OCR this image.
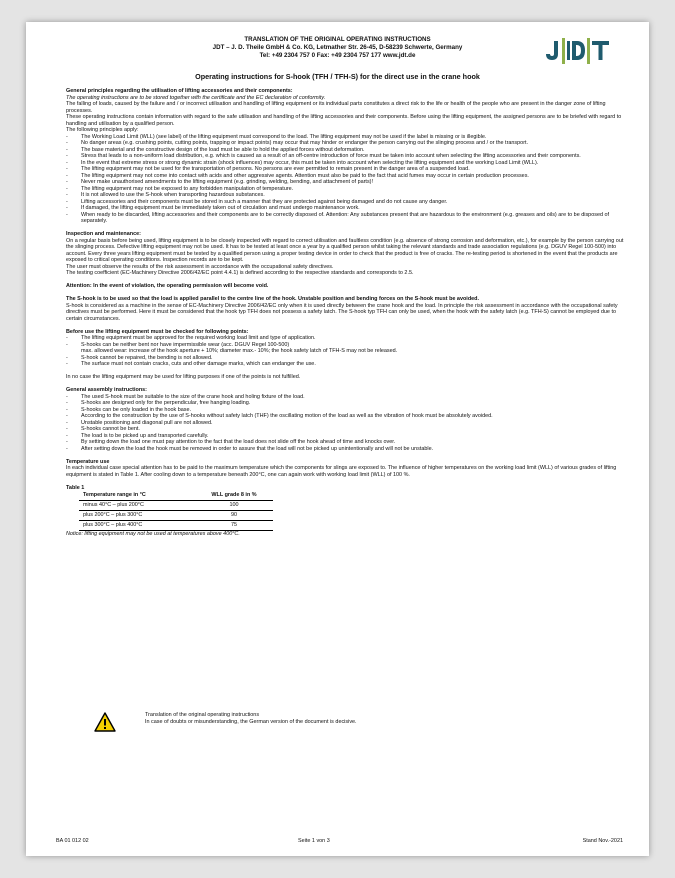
TRANSLATION OF THE ORIGINAL OPERATING INSTRUCTIONS
JDT – J. D. Theile GmbH & Co. KG, Letmather Str. 26-45, D-58239 Schwerte, Germany
Tel: +49 2304 757 0 Fax: +49 2304 757 177 www.jdt.de
Operating instructions for S-hook (TFH / TFH-S) for the direct use in the crane hook

General principles regarding the utilisation of lifting accessories and their components:

The operating instructions are to be stored together with the certificate and the EC declaration of conformity.

The falling of loads, caused by the failure and / or incorrect utilisation and handling of lifting equipment or its individual parts constitutes a direct risk to the life or health of the people who are present in the danger zone of lifting processes.

These operating instructions contain information with regard to the safe utilisation and handling of the lifting accessories and their components. Before using the lifting equipment, the assigned persons are to be briefed with regard to handling and utilisation by a qualified person.

The following principles apply:

- The Working Load Limit (WLL) (see label) of the lifting equipment must correspond to the load. The lifting equipment may not be used if the label is missing or is illegible.
- No danger areas (e.g. crushing points, cutting points, trapping or impact points) may occur that may hinder or endanger the person carrying out the slinging process and / or the transport.
- The base material and the constructive design of the load must be able to hold the applied forces without deformation.
- Stress that leads to a non-uniform load distribution, e.g. which is caused as a result of an off-centre introduction of force must be taken into account when selecting the lifting accessories and their components.
- In the event that extreme stress or strong dynamic strain (shock influences) may occur, this must be taken into account when selecting the lifting equipment and the working Load Limit (WLL).
- The lifting equipment may not be used for the transportation of persons. No persons are ever permitted to remain present in the danger area of a suspended load.
- The lifting equipment may not come into contact with acids and other aggressive agents. Attention must also be paid to the fact that acid fumes may occur in certain production processes.
- Never make unauthorised amendments to the lifting equipment (e.g. grinding, welding, bending, and attachment of parts)!
- The lifting equipment may not be exposed to any forbidden manipulation of temperature.
- It is not allowed to use the S-hook when transporting hazardous substances.
- Lifting accessories and their components must be stored in such a manner that they are protected against being damaged and do not cause any danger.
- If damaged, the lifting equipment must be immediately taken out of circulation and must undergo maintenance work.
- When ready to be discarded, lifting accessories and their components are to be correctly disposed of. Attention: Any substances present that are hazardous to the environment (e.g. greases and oils) are to be disposed of separately.

Inspection and maintenance:

On a regular basis before being used, lifting equipment is to be closely inspected with regard to correct utilisation and faultless condition (e.g. absence of strong corrosion and deformation, etc.), for example by the person carrying out the slinging process. Defective lifting equipment may not be used. It has to be tested at least once a year by a qualified person whilst taking the relevant standards and trade association regulations (e.g. DGUV Regel 100-500) into account. Every three years lifting equipment must be tested by a qualified person using a proper testing device in order to check that the product is free of cracks. The re-testing period is shortened in the event that the products are exposed to critical operating conditions. Inspection records are to be kept.

The user must observe the results of the risk assessment in accordance with the occupational safety directives.

The testing coefficient (EC-Machinery Directive 2006/42/EC point 4.4.1) is defined according to the respective standards and corresponds to 2.5.

Attention: In the event of violation, the operating permission will become void.

The S-hook is to be used so that the load is applied parallel to the centre line of the hook. Unstable position and bending forces on the S-hook must be avoided.

S-hook is considered as a machine in the sense of EC-Machinery Directive 2006/42/EC only when it is used directly between the crane hook and the load. In principle the risk assessment in accordance with the occupational safety directives must be performed. Here it must be considered that the hook typ TFH does not possess a safety latch. The S-hook typ TFH can only be used, when the hook with the safety latch (e.g. TFH-S) cannot be employed due to certain circumstances.

Before use the lifting equipment must be checked for following points:

- The lifting equipment must be approved for the required working load limit and type of application.
- S-hooks can be neither bent nor have impermissible wear (acc. DGUV Regel 100-500)

max. allowed wear: increase of the hook aperture + 10%; diameter max.- 10%; the hook safety latch of TFH-S may not be released.

- S-hook cannot be repaired, the bending is not allowed.
- The surface must not contain cracks, cuts and other damage marks, which can endanger the use.

In no case the lifting equipment may be used for lifting purposes if one of the points is not fulfilled.

General assembly instructions:

- The used S-hook must be suitable to the size of the crane hook and holing fixture of the load.
- S-hooks are designed only for the perpendicular, free hanging loading.
- S-hooks can be only loaded in the hook base.
- According to the construction by the use of S-hooks without safety latch (THF) the oscillating motion of the load as well as the vibration of hook must be absolutely avoided.
- Unstable positioning and diagonal pull are not allowed.
- S-hooks cannot be bent.
- The load is to be picked up and transported carefully.
- By setting down the load one must pay attention to the fact that the load does not slide off the hook ahead of time and knocks over.
- After setting down the load the hook must be removed in order to assure that the load will not be picked up unintentionally and will not be unstable.

Temperature use

In each individual case special attention has to be paid to the maximum temperature which the components for slings are exposed to. The influence of higher temperatures on the working load limit (WLL) of various grades of lifting equipment is stated in Table 1. After cooling down to a temperature beneath 200°C, one can again work with working load limit (WLL) of 100 %.

Table 1

Temperature range in °C	WLL grade 8 in %
minus 40°C – plus 200°C	100
plus 200°C – plus 300°C	90
plus 300°C – plus 400°C	75

Notice: lifting equipment may not be used at temperatures above 400°C.

Translation of the original operating instructions
In case of doubts or misunderstanding, the German version of the document is decisive.
BA 01 012 02	Seite 1 von 3	Stand Nov.-2021
